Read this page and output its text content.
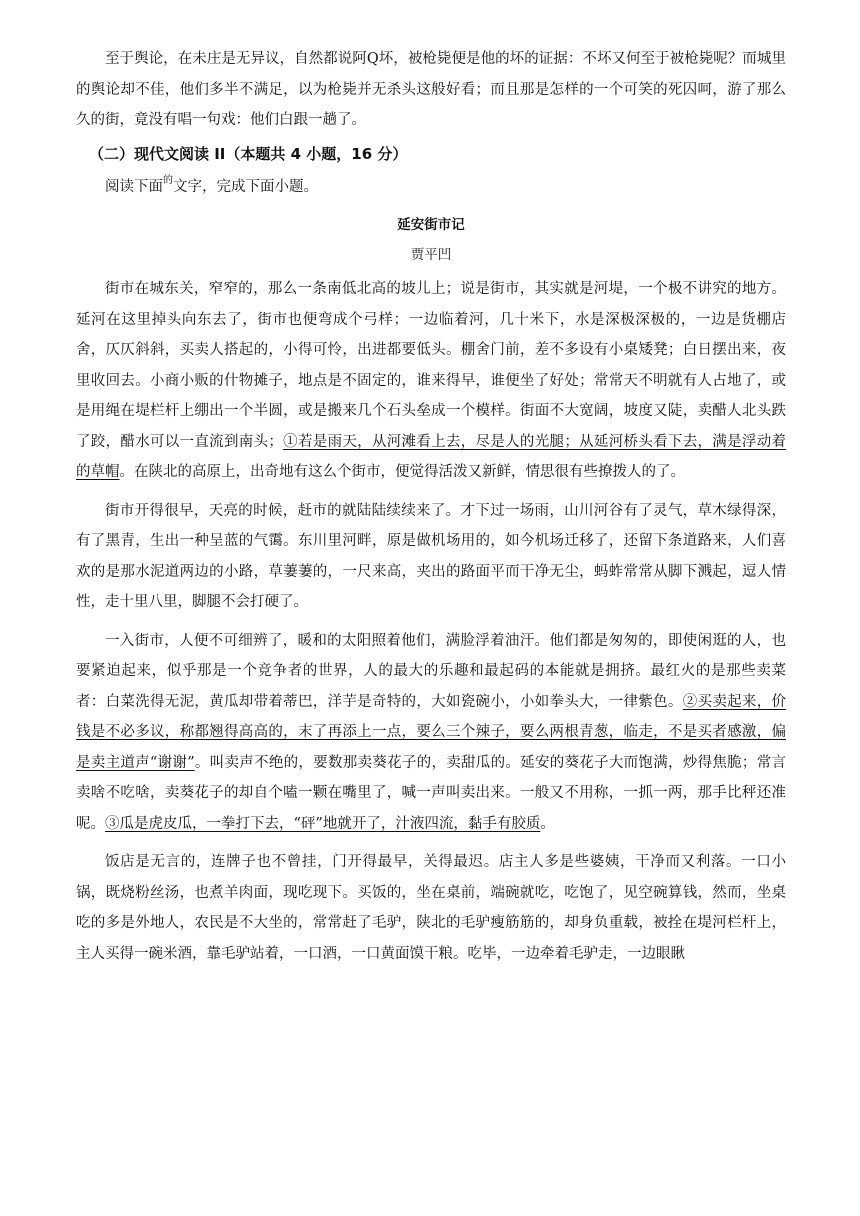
至于舆论，在未庄是无异议，自然都说阿Q坏，被枪毙便是他的坏的证据：不坏又何至于被枪毙呢？而城里的舆论却不佳，他们多半不满足，以为枪毙并无杀头这般好看；而且那是怎样的一个可笑的死囚呵，游了那么久的街，竟没有唱一句戏：他们白跟一趟了。

（二）现代文阅读 II（本题共 4 小题，16 分）

阅读下面$^的$文字，完成下面小题。

延安街市记

贾平凹

街市在城东关，窄窄的，那么一条南低北高的坡儿上；说是街市，其实就是河堤，一个极不讲究的地方。延河在这里掉头向东去了，街市也便弯成个弓样；一边临着河，几十米下，水是深极深极的，一边是货棚店舍，仄仄斜斜，买卖人搭起的，小得可怜，出进都要低头。棚舍门前，差不多设有小桌矮凳；白日摆出来，夜里收回去。小商小贩的什物摊子，地点是不固定的，谁来得早，谁便坐了好处；常常天不明就有人占地了，或是用绳在堤栏杆上绷出一个半圆，或是搬来几个石头垒成一个模样。街面不大宽阔，坡度又陡，卖醋人北头跌了跤，醋水可以一直流到南头；①若是雨天，从河滩看上去，尽是人的光腿；从延河桥头看下去，满是浮动着的草帽。在陕北的高原上，出奇地有这么个街市，便觉得活泼又新鲜，情思很有些撩拨人的了。

街市开得很早，天亮的时候，赶市的就陆陆续续来了。才下过一场雨，山川河谷有了灵气，草木绿得深，有了黑青，生出一种呈蓝的气霭。东川里河畔，原是做机场用的，如今机场迁移了，还留下条道路来，人们喜欢的是那水泥道两边的小路，草萋萋的，一尺来高，夹出的路面平而干净无尘，蚂蚱常常从脚下溅起，逗人情性，走十里八里，脚腿不会打硬了。

一入街市，人便不可细辨了，暖和的太阳照着他们，满脸浮着油汗。他们都是匆匆的，即使闲逛的人，也要紧迫起来，似乎那是一个竞争者的世界，人的最大的乐趣和最起码的本能就是拥挤。最红火的是那些卖菜者：白菜洗得无泥，黄瓜却带着蒂巴，洋芋是奇特的，大如瓷碗小，小如拳头大，一律紫色。②买卖起来，价钱是不必多议，称都翘得高高的，末了再添上一点，要么三个辣子，要么两根青葱，临走，不是买者感激，偏是卖主道声“谢谢”。叫卖声不绝的，要数那卖葵花子的，卖甜瓜的。延安的葵花子大而饱满，炒得焦脆；常言卖啥不吃啥，卖葵花子的却自个嗑一颗在嘴里了，喊一声叫卖出来。一般又不用称，一抓一两，那手比秤还准呢。③瓜是虎皮瓜，一拳打下去，“砰”地就开了，汁液四流，黏手有胶质。

饭店是无言的，连牌子也不曾挂，门开得最早，关得最迟。店主人多是些婆姨，干净而又利落。一口小锅，既烧粉丝汤，也煮羊肉面，现吃现下。买饭的，坐在桌前，端碗就吃，吃饱了，见空碗算钱，然而，坐桌吃的多是外地人，农民是不大坐的，常常赶了毛驴，陕北的毛驴瘦筋筋的，却身负重载，被拴在堤河栏杆上，主人买得一碗米酒，靠毛驴站着，一口酒，一口黄面馍干粮。吃毕，一边牵着毛驴走，一边眼瞅
